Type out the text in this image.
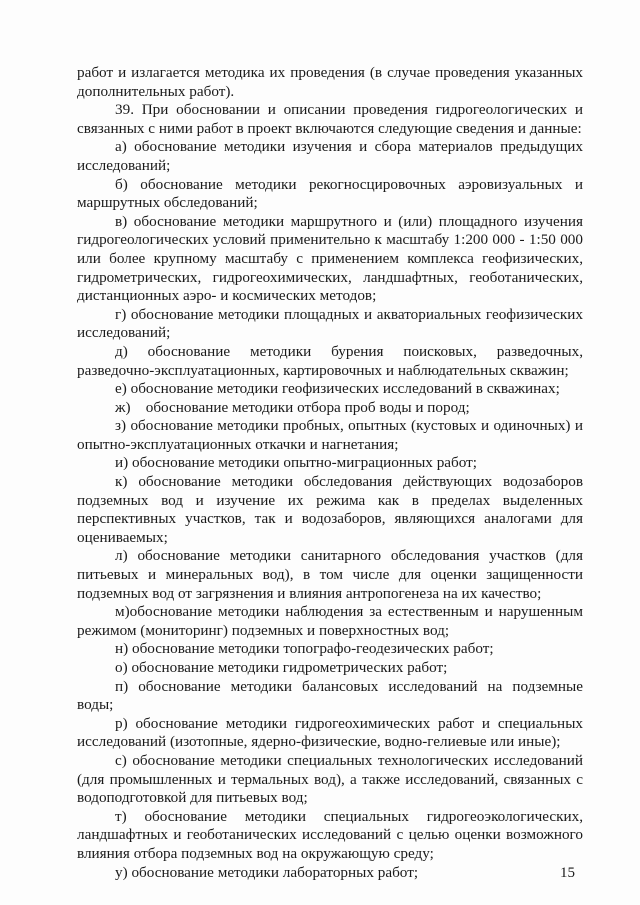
работ и излагается методика их проведения (в случае проведения указанных дополнительных работ).

39. При обосновании и описании проведения гидрогеологических и связанных с ними работ в проект включаются следующие сведения и данные:

а) обоснование методики изучения и сбора материалов предыдущих исследований;

б) обоснование методики рекогносцировочных аэровизуальных и маршрутных обследований;

в) обоснование методики маршрутного и (или) площадного изучения гидрогеологических условий применительно к масштабу 1:200 000 - 1:50 000 или более крупному масштабу с применением комплекса геофизических, гидрометрических, гидрогеохимических, ландшафтных, геоботанических, дистанционных аэро- и космических методов;

г) обоснование методики площадных и акваториальных геофизических исследований;

д) обоснование методики бурения поисковых, разведочных, разведочно-эксплуатационных, картировочных и наблюдательных скважин;

е) обоснование методики геофизических исследований в скважинах;

ж)    обоснование методики отбора проб воды и пород;

з) обоснование методики пробных, опытных (кустовых и одиночных) и опытно-эксплуатационных откачки и нагнетания;

и) обоснование методики опытно-миграционных работ;

к) обоснование методики обследования действующих водозаборов подземных вод и изучение их режима как в пределах выделенных перспективных участков, так и водозаборов, являющихся аналогами для оцениваемых;

л) обоснование методики санитарного обследования участков (для питьевых и минеральных вод), в том числе для оценки защищенности подземных вод от загрязнения и влияния антропогенеза на их качество;

м)обоснование методики наблюдения за естественным и нарушенным режимом (мониторинг) подземных и поверхностных вод;

н) обоснование методики топографо-геодезических работ;

о) обоснование методики гидрометрических работ;

п) обоснование методики балансовых исследований на подземные воды;

р) обоснование методики гидрогеохимических работ и специальных исследований (изотопные, ядерно-физические, водно-гелиевые или иные);

с) обоснование методики специальных технологических исследований (для промышленных и термальных вод), а также исследований, связанных с водоподготовкой для питьевых вод;

т) обоснование методики специальных гидрогеоэкологических, ландшафтных и геоботанических исследований с целью оценки возможного влияния отбора подземных вод на окружающую среду;

у) обоснование методики лабораторных работ;	15
